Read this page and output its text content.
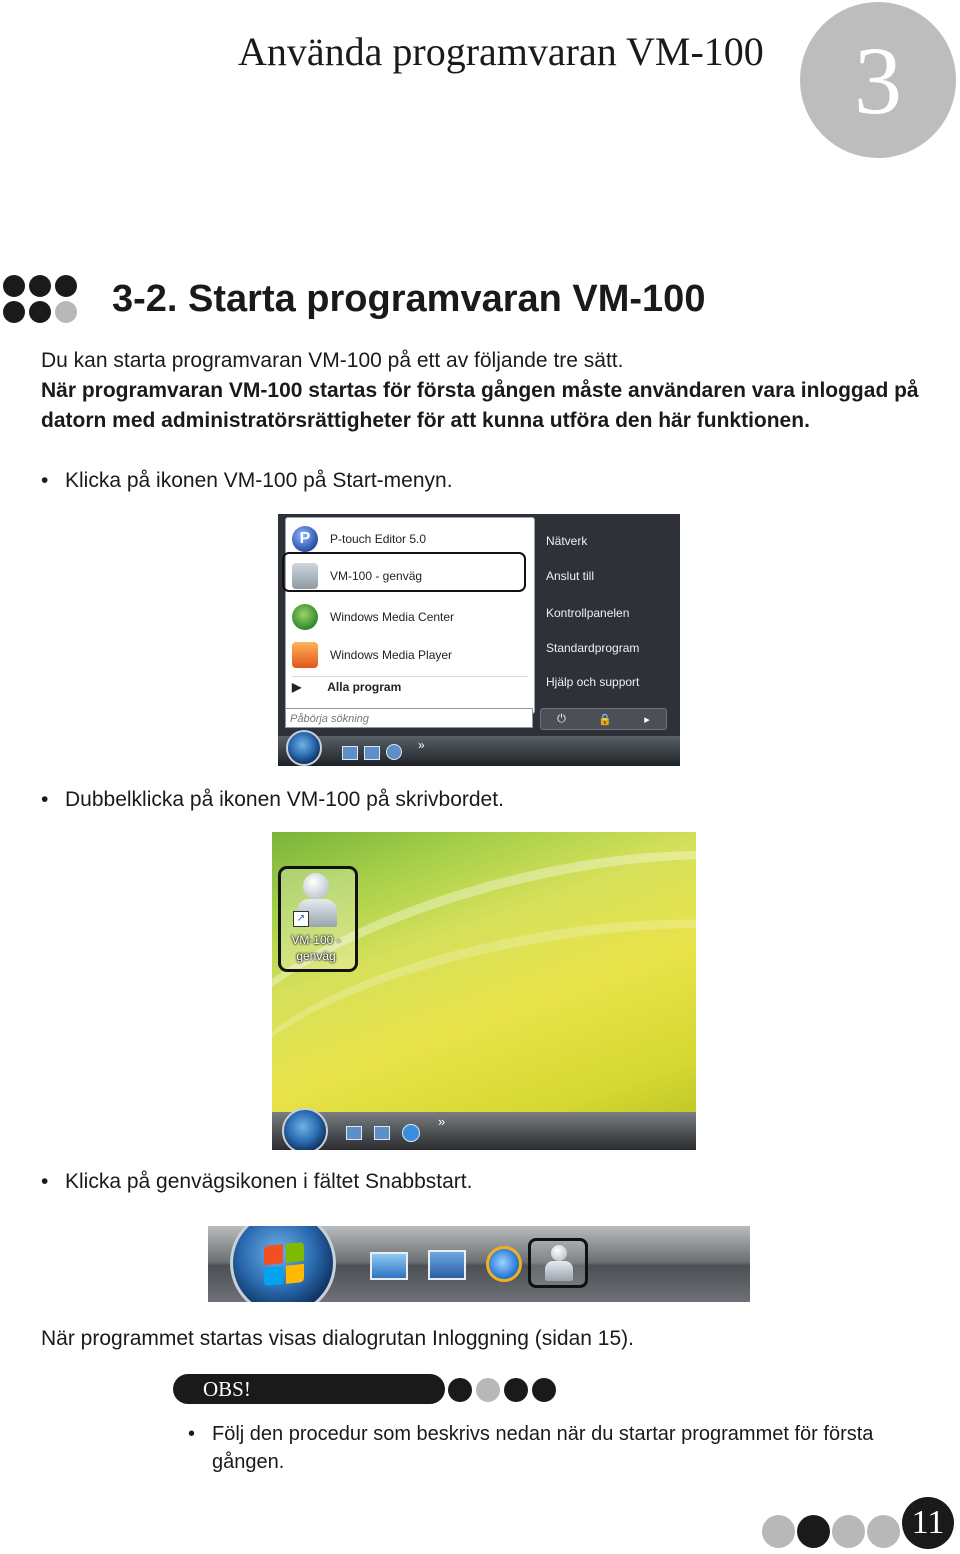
Använda programvaran VM-100 3
3-2. Starta programvaran VM-100
Du kan starta programvaran VM-100 på ett av följande tre sätt.
När programvaran VM-100 startas för första gången måste användaren vara inloggad på datorn med administratörsrättigheter för att kunna utföra den här funktionen.
• Klicka på ikonen VM-100 på Start-menyn.
P	P-touch Editor 5.0
VM-100 - genväg
Windows Media Center
Windows Media Player
▶ Alla program
Nätverk
Anslut till
Kontrollpanelen
Standardprogram
Hjälp och support
Påbörja sökning	⏻	🔒	▸
»
• Dubbelklicka på ikonen VM-100 på skrivbordet.
↗
VM-100 - genväg
»
• Klicka på genvägsikonen i fältet Snabbstart.
När programmet startas visas dialogrutan Inloggning (sidan 15).
OBS!
• Följ den procedur som beskrivs nedan när du startar programmet för första gången.
11
